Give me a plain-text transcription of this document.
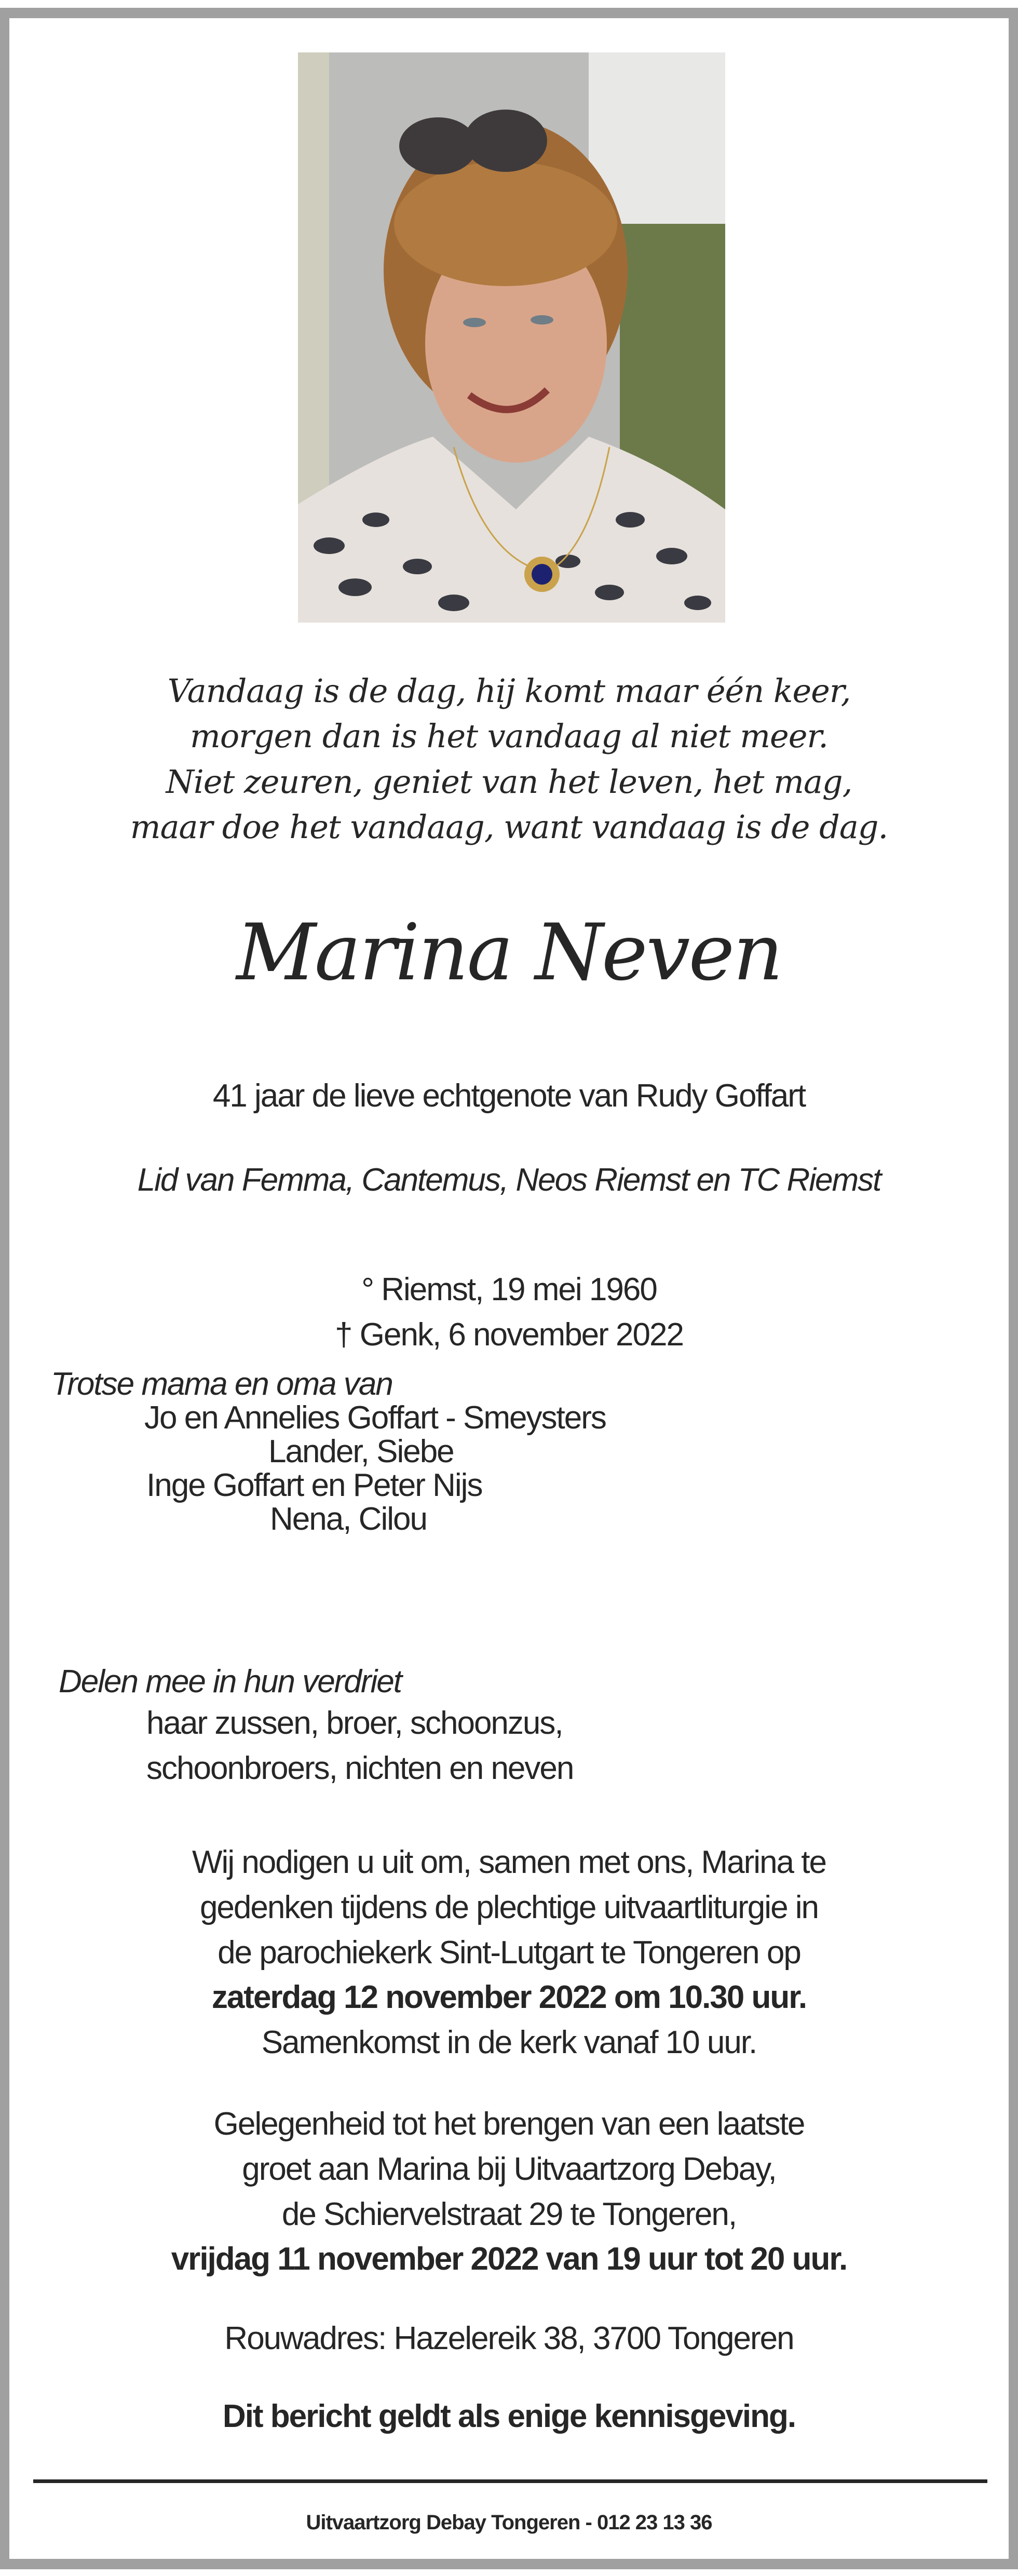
Vandaag is de dag, hij komt maar één keer,
morgen dan is het vandaag al niet meer.
Niet zeuren, geniet van het leven, het mag,
maar doe het vandaag, want vandaag is de dag.
Marina Neven
41 jaar de lieve echtgenote van Rudy Goffart
Lid van Femma, Cantemus, Neos Riemst en TC Riemst
° Riemst, 19 mei 1960
† Genk, 6 november 2022
Trotse mama en oma van
Jo en Annelies Goffart - Smeysters
Lander, Siebe
Inge Goffart en Peter Nijs
Nena, Cilou
Delen mee in hun verdriet
haar zussen, broer, schoonzus,
schoonbroers, nichten en neven
Wij nodigen u uit om, samen met ons, Marina te
gedenken tijdens de plechtige uitvaartliturgie in
de parochiekerk Sint-Lutgart te Tongeren op
zaterdag 12 november 2022 om 10.30 uur.
Samenkomst in de kerk vanaf 10 uur.
Gelegenheid tot het brengen van een laatste
groet aan Marina bij Uitvaartzorg Debay,
de Schiervelstraat 29 te Tongeren,
vrijdag 11 november 2022 van 19 uur tot 20 uur.
Rouwadres: Hazelereik 38, 3700 Tongeren
Dit bericht geldt als enige kennisgeving.
Uitvaartzorg Debay Tongeren - 012 23 13 36
